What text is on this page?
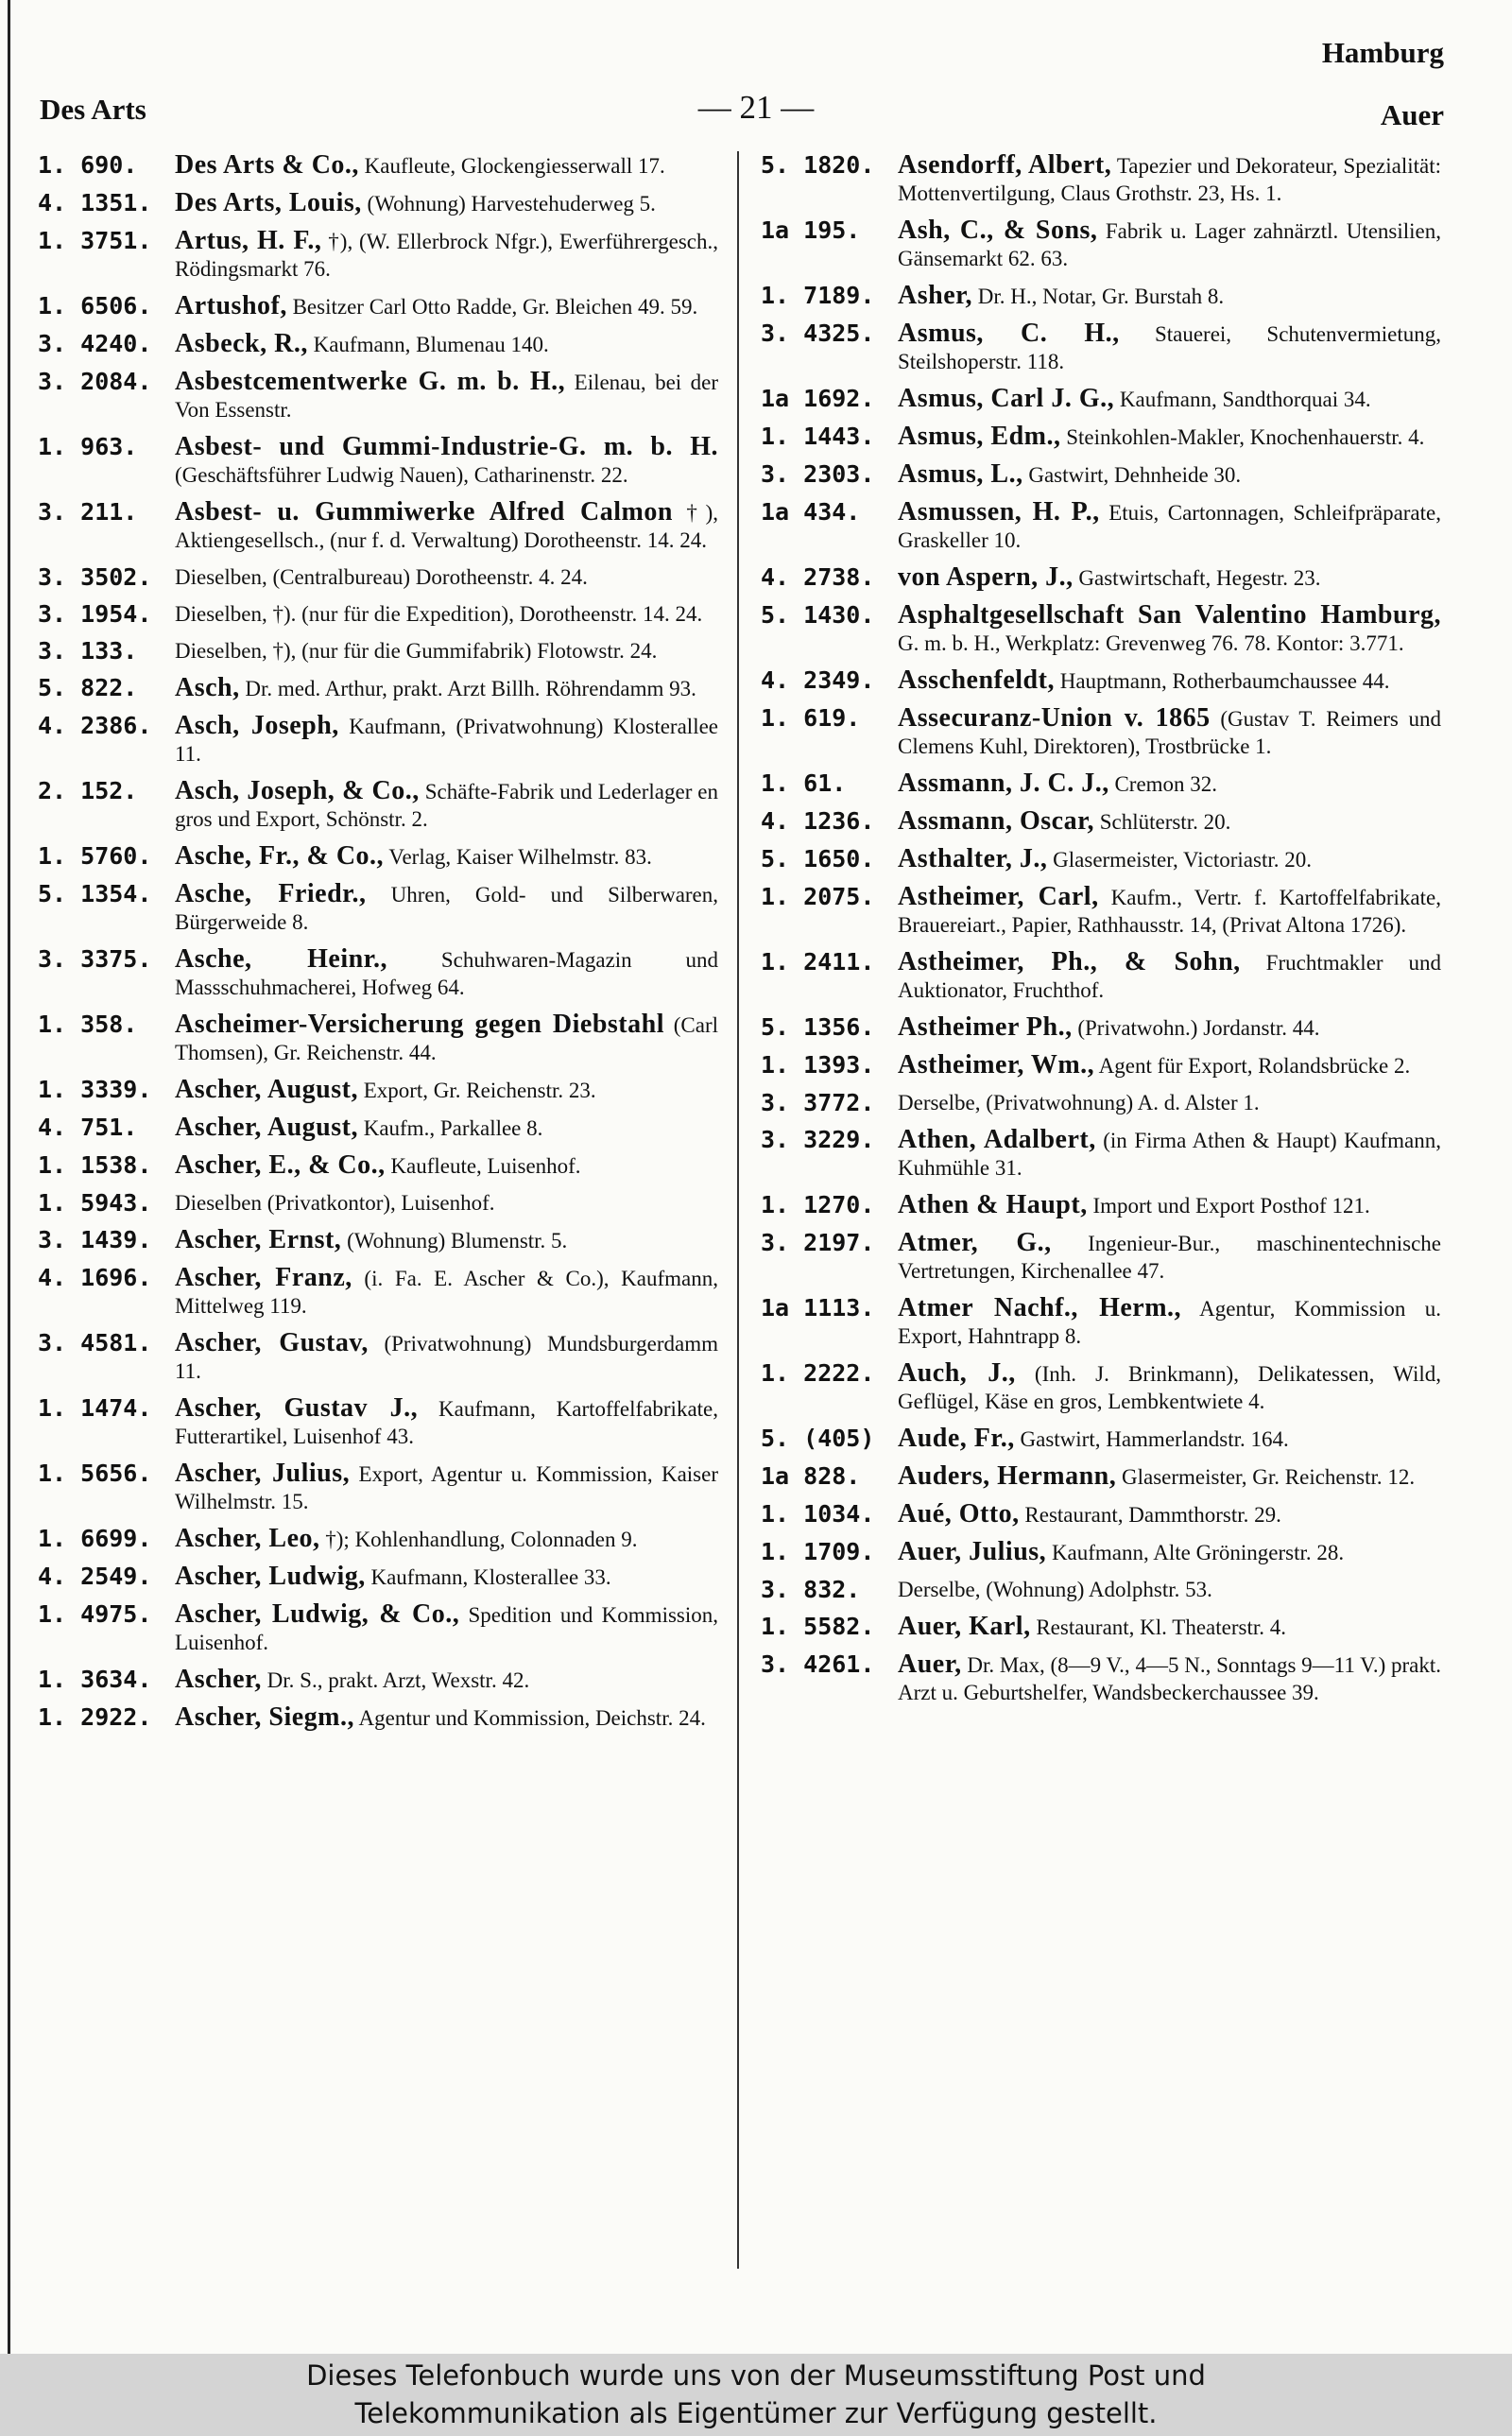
Des Arts	— 21 —
Hamburg
Auer
1. 690.	Des Arts & Co., Kaufleute, Glockengiesserwall 17.
4. 1351. Des Arts, Louis, (Wohnung) Harvestehuderweg 5.
1. 3751. Artus, H. F., †), (W. Ellerbrock Nfgr.), Ewerführergesch., Rödingsmarkt 76.
1. 6506. Artushof, Besitzer Carl Otto Radde, Gr. Bleichen 49. 59.
3. 4240. Asbeck, R., Kaufmann, Blumenau 140.
3. 2084. Asbestcementwerke G. m. b. H., Eilenau, bei der Von Essenstr.
1. 963.	Asbest- und Gummi-Industrie-G. m. b. H. (Geschäftsführer Ludwig Nauen), Catharinenstr. 22.
3. 211.	Asbest- u. Gummiwerke Alfred Calmon †), Aktiengesellsch., (nur f. d. Verwaltung) Dorotheenstr. 14. 24.
3. 3502.	Dieselben, (Centralbureau) Dorotheenstr. 4. 24.
3. 1954.	Dieselben, †). (nur für die Expedition), Dorotheenstr. 14. 24.
3. 133.	Dieselben, †), (nur für die Gummifabrik) Flotowstr. 24.
5. 822.	Asch, Dr. med. Arthur, prakt. Arzt Billh. Röhrendamm 93.
4. 2386. Asch, Joseph, Kaufmann, (Privatwohnung) Klosterallee 11.
2. 152.	Asch, Joseph, & Co., Schäfte-Fabrik und Lederlager en gros und Export, Schönstr. 2.
1. 5760. Asche, Fr., & Co., Verlag, Kaiser Wilhelmstr. 83.
5. 1354. Asche, Friedr., Uhren, Gold- und Silberwaren, Bürgerweide 8.
3. 3375. Asche, Heinr., Schuhwaren-Magazin und Massschuhmacherei, Hofweg 64.
1. 358.	Ascheimer-Versicherung gegen Diebstahl (Carl Thomsen), Gr. Reichenstr. 44.
1. 3339. Ascher, August, Export, Gr. Reichenstr. 23.
4. 751.	Ascher, August, Kaufm., Parkallee 8.
1. 1538. Ascher, E., & Co., Kaufleute, Luisenhof.
1. 5943.	Dieselben (Privatkontor), Luisenhof.
3. 1439. Ascher, Ernst, (Wohnung) Blumenstr. 5.
4. 1696. Ascher, Franz, (i. Fa. E. Ascher & Co.), Kaufmann, Mittelweg 119.
3. 4581. Ascher, Gustav, (Privatwohnung) Mundsburgerdamm 11.
1. 1474. Ascher, Gustav J., Kaufmann, Kartoffelfabrikate, Futterartikel, Luisenhof 43.
1. 5656. Ascher, Julius, Export, Agentur u. Kommission, Kaiser Wilhelmstr. 15.
1. 6699. Ascher, Leo, †); Kohlenhandlung, Colonnaden 9.
4. 2549. Ascher, Ludwig, Kaufmann, Klosterallee 33.
1. 4975. Ascher, Ludwig, & Co., Spedition und Kommission, Luisenhof.
1. 3634. Ascher, Dr. S., prakt. Arzt, Wexstr. 42.
1. 2922. Ascher, Siegm., Agentur und Kommission, Deichstr. 24.
5. 1820. Asendorff, Albert, Tapezier und Dekorateur, Spezialität: Mottenvertilgung, Claus Grothstr. 23, Hs. 1.
1a 195.	Ash, C., & Sons, Fabrik u. Lager zahnärztl. Utensilien, Gänsemarkt 62. 63.
1. 7189. Asher, Dr. H., Notar, Gr. Burstah 8.
3. 4325. Asmus, C. H., Stauerei, Schutenvermietung, Steilshoperstr. 118.
1a 1692. Asmus, Carl J. G., Kaufmann, Sandthorquai 34.
1. 1443. Asmus, Edm., Steinkohlen-Makler, Knochenhauerstr. 4.
3. 2303. Asmus, L., Gastwirt, Dehnheide 30.
1a 434.	Asmussen, H. P., Etuis, Cartonnagen, Schleifpräparate, Graskeller 10.
4. 2738. von Aspern, J., Gastwirtschaft, Hegestr. 23.
5. 1430. Asphaltgesellschaft San Valentino Hamburg, G. m. b. H., Werkplatz: Grevenweg 76. 78. Kontor: 3.771.
4. 2349. Asschenfeldt, Hauptmann, Rotherbaumchaussee 44.
1. 619.	Assecuranz-Union v. 1865 (Gustav T. Reimers und Clemens Kuhl, Direktoren), Trostbrücke 1.
1. 61.	Assmann, J. C. J., Cremon 32.
4. 1236. Assmann, Oscar, Schlüterstr. 20.
5. 1650. Asthalter, J., Glasermeister, Victoriastr. 20.
1. 2075. Astheimer, Carl, Kaufm., Vertr. f. Kartoffelfabrikate, Brauereiart., Papier, Rathhausstr. 14, (Privat Altona 1726).
1. 2411. Astheimer, Ph., & Sohn, Fruchtmakler und Auktionator, Fruchthof.
5. 1356. Astheimer Ph., (Privatwohn.) Jordanstr. 44.
1. 1393. Astheimer, Wm., Agent für Export, Rolandsbrücke 2.
3. 3772.	Derselbe, (Privatwohnung) A. d. Alster 1.
3. 3229. Athen, Adalbert, (in Firma Athen & Haupt) Kaufmann, Kuhmühle 31.
1. 1270. Athen & Haupt, Import und Export Posthof 121.
3. 2197. Atmer, G., Ingenieur-Bur., maschinentechnische Vertretungen, Kirchenallee 47.
1a 1113. Atmer Nachf., Herm., Agentur, Kommission u. Export, Hahntrapp 8.
1. 2222. Auch, J., (Inh. J. Brinkmann), Delikatessen, Wild, Geflügel, Käse en gros, Lembkentwiete 4.
5. (405) Aude, Fr., Gastwirt, Hammerlandstr. 164.
1a 828.	Auders, Hermann, Glasermeister, Gr. Reichenstr. 12.
1. 1034. Aué, Otto, Restaurant, Dammthorstr. 29.
1. 1709. Auer, Julius, Kaufmann, Alte Gröningerstr. 28.
3. 832.	Derselbe, (Wohnung) Adolphstr. 53.
1. 5582. Auer, Karl, Restaurant, Kl. Theaterstr. 4.
3. 4261. Auer, Dr. Max, (8—9 V., 4—5 N., Sonntags 9—11 V.) prakt. Arzt u. Geburtshelfer, Wandsbeckerchaussee 39.
Dieses Telefonbuch wurde uns von der Museumsstiftung Post und
Telekommunikation als Eigentümer zur Verfügung gestellt.
